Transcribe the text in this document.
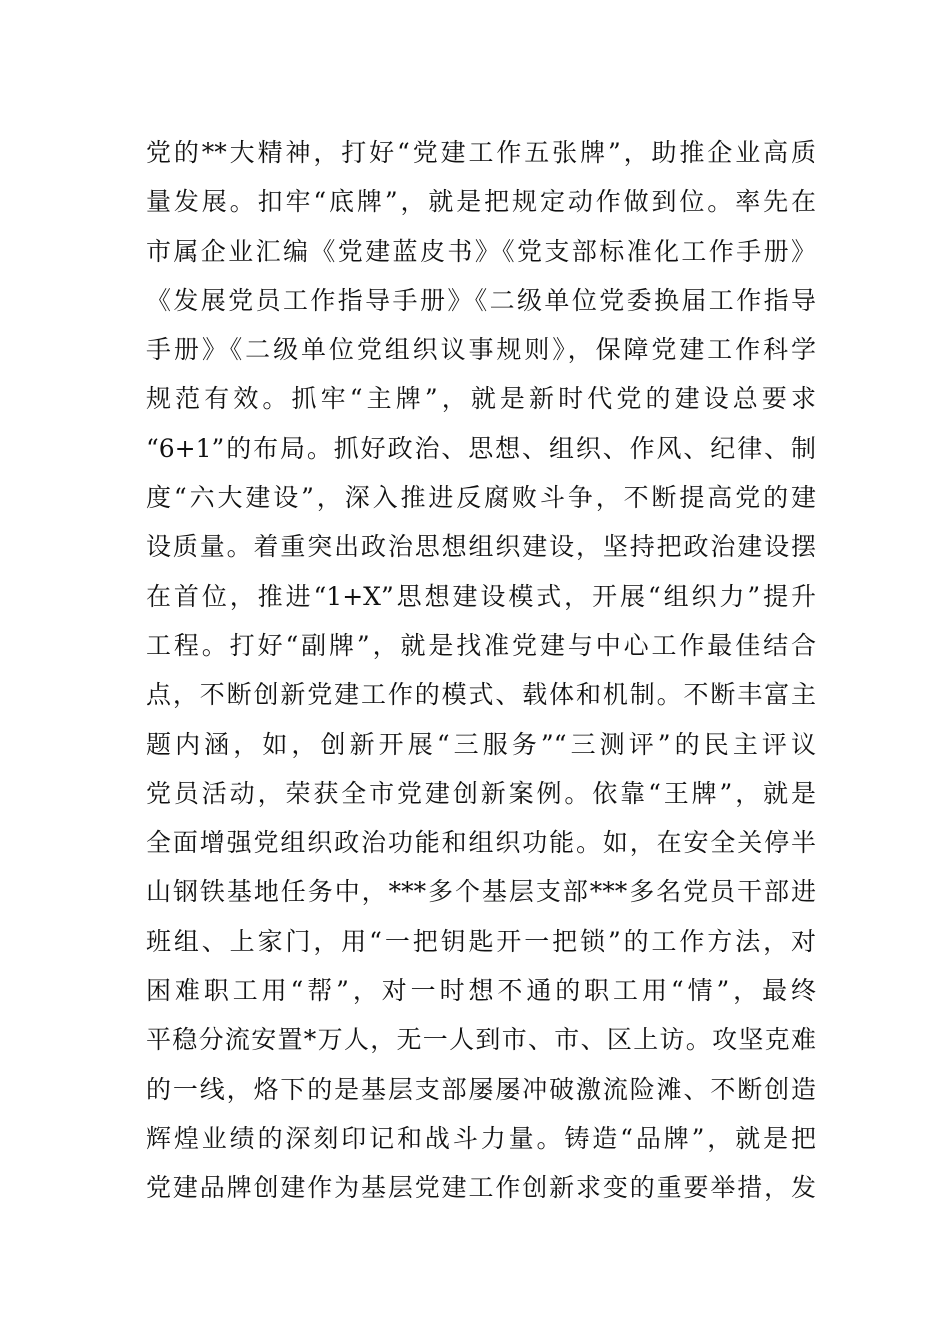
党的**大精神，打好“党建工作五张牌”，助推企业高质
量发展。扣牢“底牌”，就是把规定动作做到位。率先在
市属企业汇编《党建蓝皮书》《党支部标准化工作手册》
《发展党员工作指导手册》《二级单位党委换届工作指导
手册》《二级单位党组织议事规则》，保障党建工作科学
规范有效。抓牢“主牌”，就是新时代党的建设总要求
“6+1”的布局。抓好政治、思想、组织、作风、纪律、制
度“六大建设”，深入推进反腐败斗争，不断提高党的建
设质量。着重突出政治思想组织建设，坚持把政治建设摆
在首位，推进“1+X”思想建设模式，开展“组织力”提升
工程。打好“副牌”，就是找准党建与中心工作最佳结合
点，不断创新党建工作的模式、载体和机制。不断丰富主
题内涵，如，创新开展“三服务”“三测评”的民主评议
党员活动，荣获全市党建创新案例。依靠“王牌”，就是
全面增强党组织政治功能和组织功能。如，在安全关停半
山钢铁基地任务中，***多个基层支部***多名党员干部进
班组、上家门，用“一把钥匙开一把锁”的工作方法，对
困难职工用“帮”，对一时想不通的职工用“情”，最终
平稳分流安置*万人，无一人到市、市、区上访。攻坚克难
的一线，烙下的是基层支部屡屡冲破激流险滩、不断创造
辉煌业绩的深刻印记和战斗力量。铸造“品牌”，就是把
党建品牌创建作为基层党建工作创新求变的重要举措，发
